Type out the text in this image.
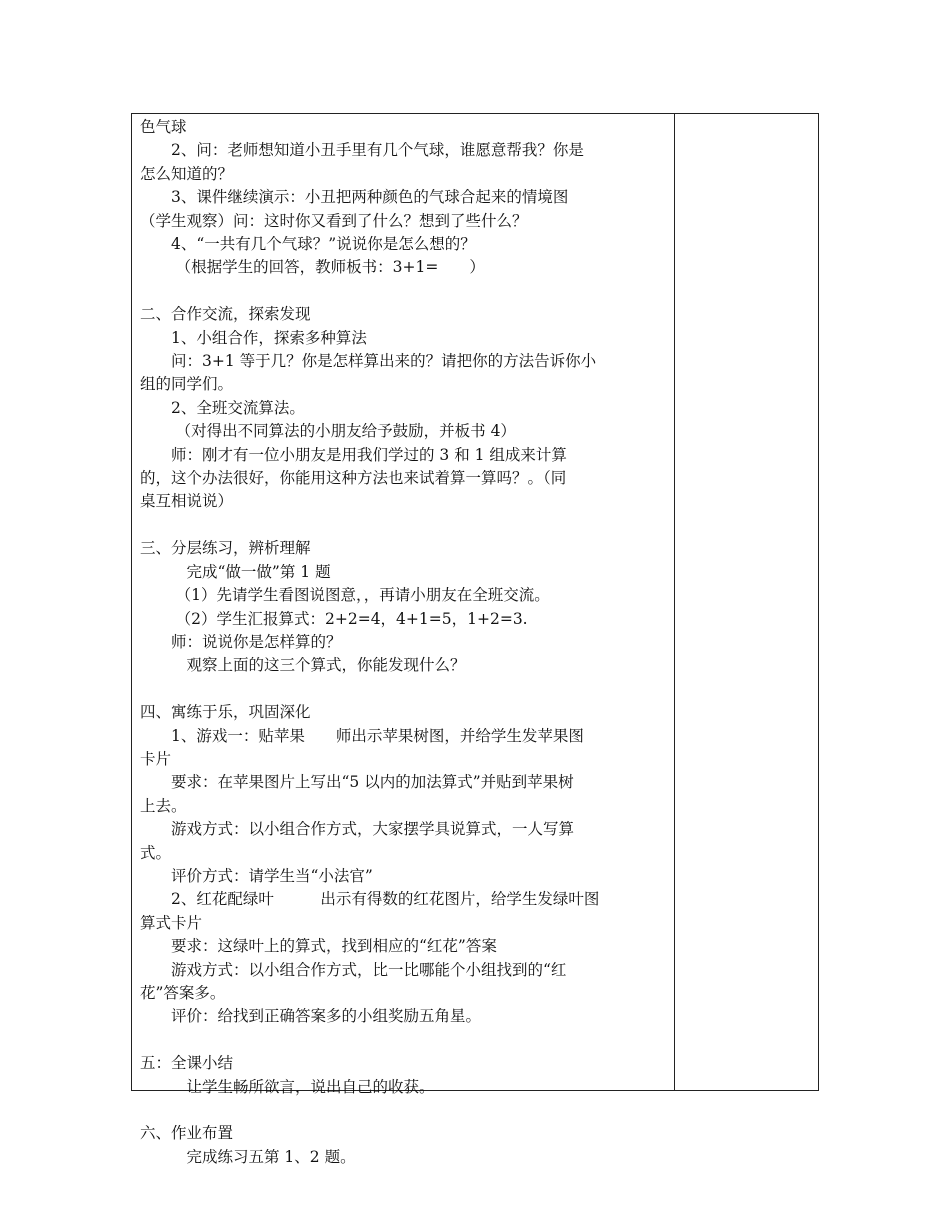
色气球
2、问：老师想知道小丑手里有几个气球，谁愿意帮我？你是
怎么知道的？
3、课件继续演示：小丑把两种颜色的气球合起来的情境图
（学生观察）问：这时你又看到了什么？想到了些什么？
4、“一共有几个气球？”说说你是怎么想的？
（根据学生的回答，教师板书：3+1=　　）
二、合作交流，探索发现
1、小组合作，探索多种算法
问：3+1 等于几？你是怎样算出来的？请把你的方法告诉你小
组的同学们。
2、全班交流算法。
（对得出不同算法的小朋友给予鼓励，并板书 4）
师：刚才有一位小朋友是用我们学过的 3 和 1 组成来计算
的，这个办法很好，你能用这种方法也来试着算一算吗？。（同
桌互相说说）
三、分层练习，辨析理解
完成“做一做”第 1 题
（1）先请学生看图说图意，，再请小朋友在全班交流。
（2）学生汇报算式：2+2=4，4+1=5，1+2=3.
师：说说你是怎样算的？
观察上面的这三个算式，你能发现什么？
四、寓练于乐，巩固深化
1、游戏一：贴苹果　　师出示苹果树图，并给学生发苹果图
卡片
要求：在苹果图片上写出“5 以内的加法算式”并贴到苹果树
上去。
游戏方式：以小组合作方式，大家摆学具说算式，一人写算
式。
评价方式：请学生当“小法官”
2、红花配绿叶　　　出示有得数的红花图片，给学生发绿叶图
算式卡片
要求：这绿叶上的算式，找到相应的“红花”答案
游戏方式：以小组合作方式，比一比哪能个小组找到的“红
花”答案多。
评价：给找到正确答案多的小组奖励五角星。
五：全课小结
让学生畅所欲言，说出自己的收获。
六、作业布置
完成练习五第 1、2 题。
